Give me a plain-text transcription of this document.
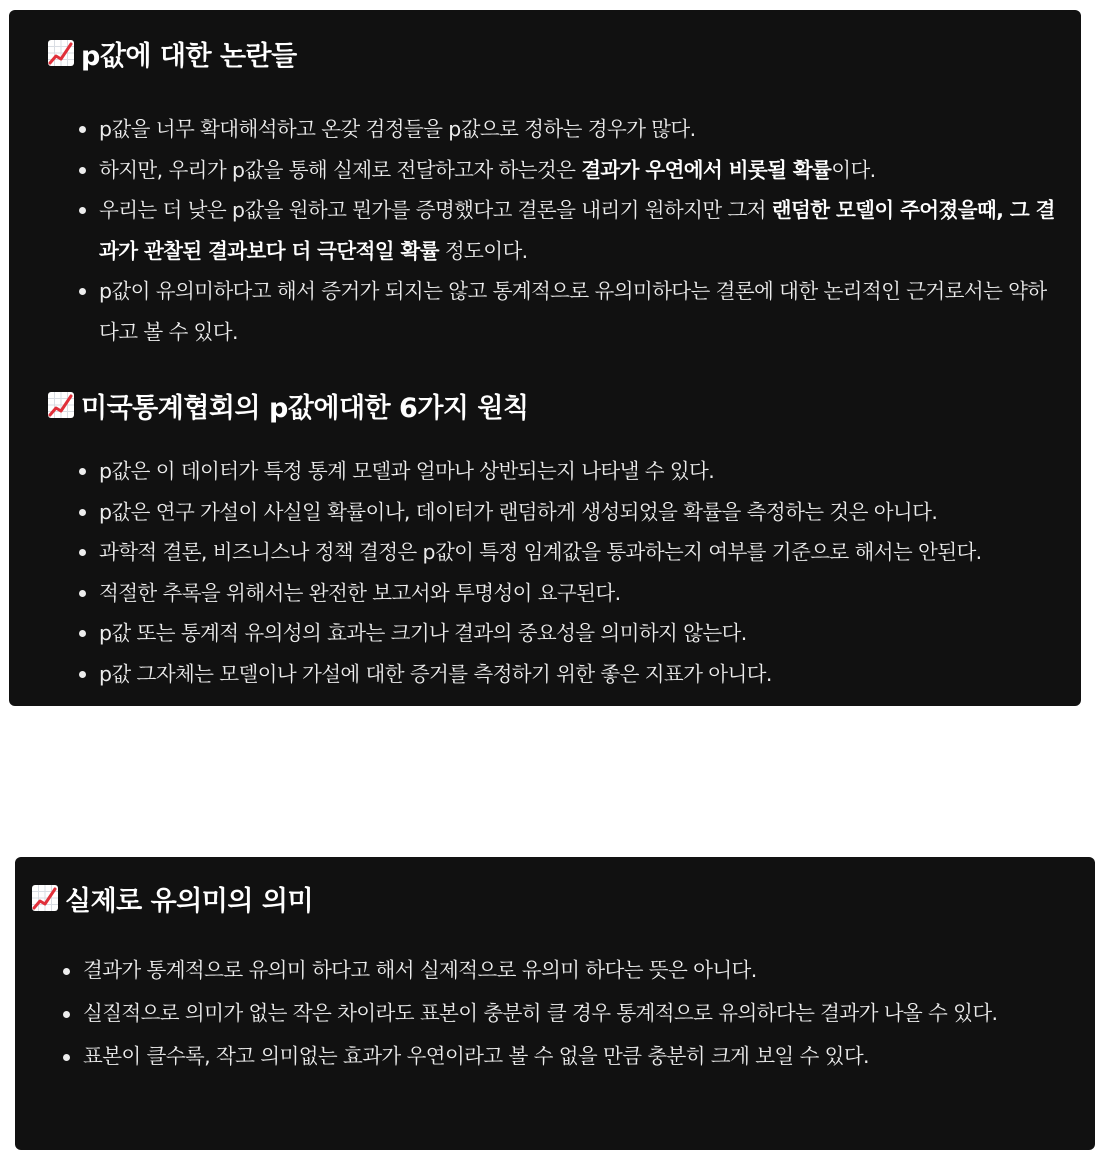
p값에 대한 논란들
p값을 너무 확대해석하고 온갖 검정들을 p값으로 정하는 경우가 많다.
하지만, 우리가 p값을 통해 실제로 전달하고자 하는것은 결과가 우연에서 비롯될 확률이다.
우리는 더 낮은 p값을 원하고 뭔가를 증명했다고 결론을 내리기 원하지만 그저 랜덤한 모델이 주어졌을때, 그 결과가 관찰된 결과보다 더 극단적일 확률 정도이다.
p값이 유의미하다고 해서 증거가 되지는 않고 통계적으로 유의미하다는 결론에 대한 논리적인 근거로서는 약하다고 볼 수 있다.
미국통계협회의 p값에대한 6가지 원칙
p값은 이 데이터가 특정 통계 모델과 얼마나 상반되는지 나타낼 수 있다.
p값은 연구 가설이 사실일 확률이나, 데이터가 랜덤하게 생성되었을 확률을 측정하는 것은 아니다.
과학적 결론, 비즈니스나 정책 결정은 p값이 특정 임계값을 통과하는지 여부를 기준으로 해서는 안된다.
적절한 추록을 위해서는 완전한 보고서와 투명성이 요구된다.
p값 또는 통계적 유의성의 효과는 크기나 결과의 중요성을 의미하지 않는다.
p값 그자체는 모델이나 가설에 대한 증거를 측정하기 위한 좋은 지표가 아니다.
실제로 유의미의 의미
결과가 통계적으로 유의미 하다고 해서 실제적으로 유의미 하다는 뜻은 아니다.
실질적으로 의미가 없는 작은 차이라도 표본이 충분히 클 경우 통계적으로 유의하다는 결과가 나올 수 있다.
표본이 클수록, 작고 의미없는 효과가 우연이라고 볼 수 없을 만큼 충분히 크게 보일 수 있다.
